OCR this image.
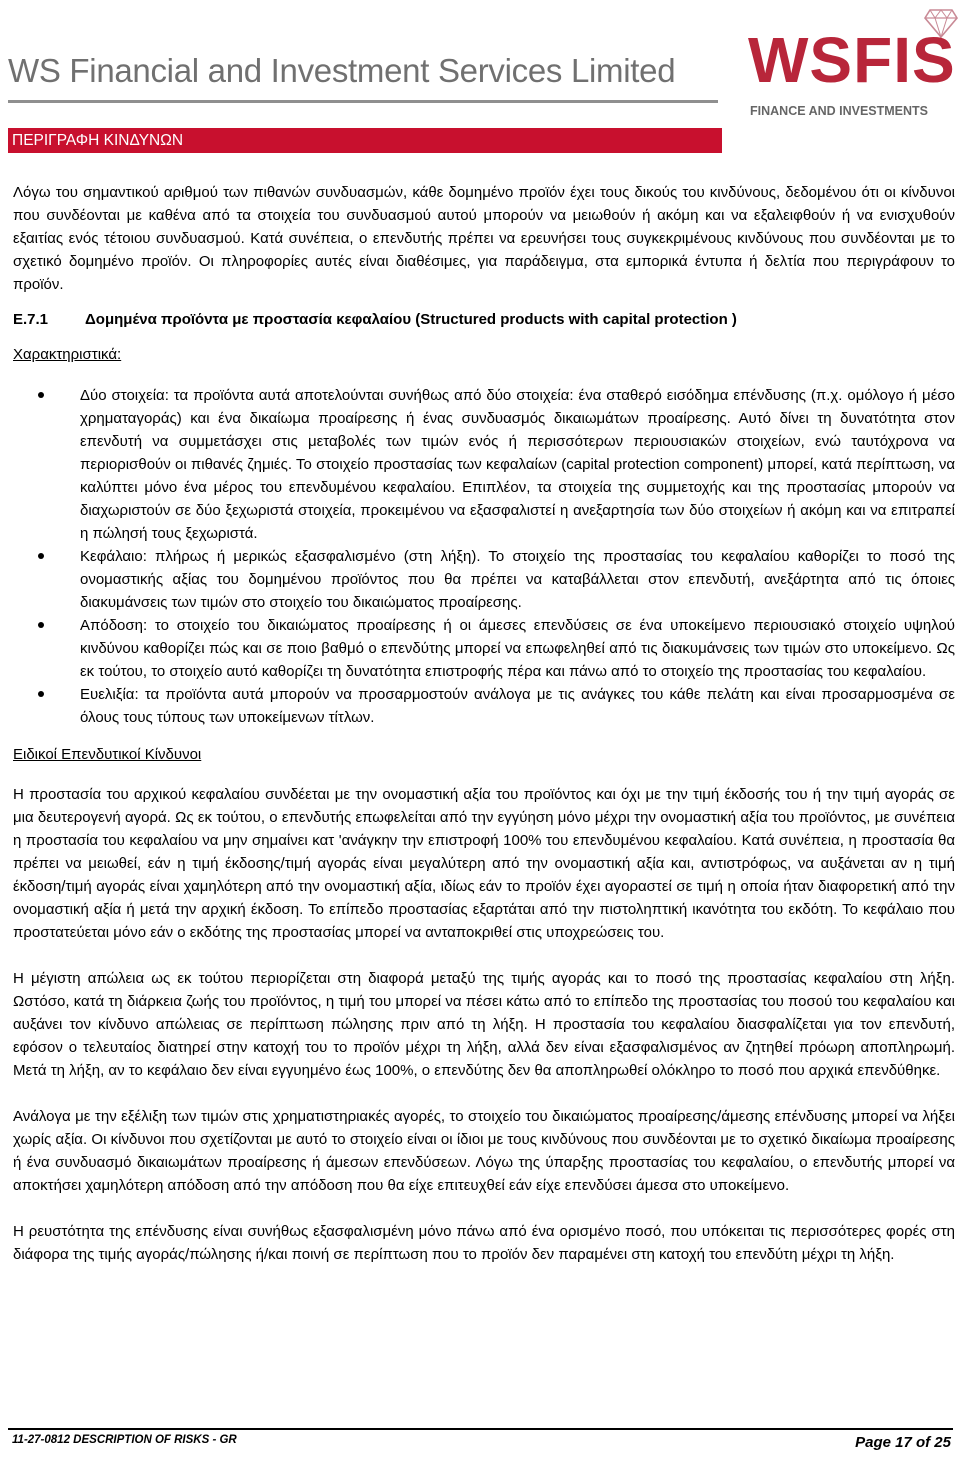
WS Financial and Investment Services Limited WSFIS
FINANCE AND INVESTMENTS
ΠΕΡΙΓΡΑΦΗ ΚΙΝΔΥΝΩΝ

Λόγω του σημαντικού αριθμού των πιθανών συνδυασμών, κάθε δομημένο προϊόν έχει τους δικούς του κινδύνους, δεδομένου ότι οι κίνδυνοι που συνδέονται με καθένα από τα στοιχεία του συνδυασμού αυτού μπορούν να μειωθούν ή ακόμη και να εξαλειφθούν ή να ενισχυθούν εξαιτίας ενός τέτοιου συνδυασμού. Κατά συνέπεια, ο επενδυτής πρέπει να ερευνήσει τους συγκεκριμένους κινδύνους που συνδέονται με το σχετικό δομημένο προϊόν. Οι πληροφορίες αυτές είναι διαθέσιμες, για παράδειγμα, στα εμπορικά έντυπα ή δελτία που περιγράφουν το προϊόν.

E.7.1	Δομημένα προϊόντα με προστασία κεφαλαίου (Structured products with capital protection )
Χαρακτηριστικά:
Δύο στοιχεία: τα προϊόντα αυτά αποτελούνται συνήθως από δύο στοιχεία: ένα σταθερό εισόδημα επένδυσης (π.χ. ομόλογο ή μέσο χρηματαγοράς) και ένα δικαίωμα προαίρεσης ή ένας συνδυασμός δικαιωμάτων προαίρεσης. Αυτό δίνει τη δυνατότητα στον επενδυτή να συμμετάσχει στις μεταβολές των τιμών ενός ή περισσότερων περιουσιακών στοιχείων, ενώ ταυτόχρονα να περιορισθούν οι πιθανές ζημιές. Το στοιχείο προστασίας των κεφαλαίων (capital protection component) μπορεί, κατά περίπτωση, να καλύπτει μόνο ένα μέρος του επενδυμένου κεφαλαίου. Επιπλέον, τα στοιχεία της συμμετοχής και της προστασίας μπορούν να διαχωριστούν σε δύο ξεχωριστά στοιχεία, προκειμένου να εξασφαλιστεί η ανεξαρτησία των δύο στοιχείων ή ακόμη και να επιτραπεί η πώλησή τους ξεχωριστά.
Κεφάλαιο: πλήρως ή μερικώς εξασφαλισμένο (στη λήξη). Το στοιχείο της προστασίας του κεφαλαίου καθορίζει το ποσό της ονομαστικής αξίας του δομημένου προϊόντος που θα πρέπει να καταβάλλεται στον επενδυτή, ανεξάρτητα από τις όποιες διακυμάνσεις των τιμών στο στοιχείο του δικαιώματος προαίρεσης.
Απόδοση: το στοιχείο του δικαιώματος προαίρεσης ή οι άμεσες επενδύσεις σε ένα υποκείμενο περιουσιακό στοιχείο υψηλού κινδύνου καθορίζει πώς και σε ποιο βαθμό ο επενδύτης μπορεί να επωφεληθεί από τις διακυμάνσεις των τιμών στο υποκείμενο. Ως εκ τούτου, το στοιχείο αυτό καθορίζει τη δυνατότητα επιστροφής πέρα και πάνω από το στοιχείο της προστασίας του κεφαλαίου.
Ευελιξία: τα προϊόντα αυτά μπορούν να προσαρμοστούν ανάλογα με τις ανάγκες του κάθε πελάτη και είναι προσαρμοσμένα σε όλους τους τύπους των υποκείμενων τίτλων.
Ειδικοί Επενδυτικοί Κίνδυνοι

Η προστασία του αρχικού κεφαλαίου συνδέεται με την ονομαστική αξία του προϊόντος και όχι με την τιμή έκδοσής του ή την τιμή αγοράς σε μια δευτερογενή αγορά. Ως εκ τούτου, ο επενδυτής επωφελείται από την εγγύηση μόνο μέχρι την ονομαστική αξία του προϊόντος, με συνέπεια η προστασία του κεφαλαίου να μην σημαίνει κατ 'ανάγκην την επιστροφή 100% του επενδυμένου κεφαλαίου. Κατά συνέπεια, η προστασία θα πρέπει να μειωθεί, εάν η τιμή έκδοσης/τιμή αγοράς είναι μεγαλύτερη από την ονομαστική αξία και, αντιστρόφως, να αυξάνεται αν η τιμή έκδοση/τιμή αγοράς είναι χαμηλότερη από την ονομαστική αξία, ιδίως εάν το προϊόν έχει αγοραστεί σε τιμή η οποία ήταν διαφορετική από την ονομαστική αξία ή μετά την αρχική έκδοση. Το επίπεδο προστασίας εξαρτάται από την πιστοληπτική ικανότητα του εκδότη. Το κεφάλαιο που προστατεύεται μόνο εάν ο εκδότης της προστασίας μπορεί να ανταποκριθεί στις υποχρεώσεις του.

Η μέγιστη απώλεια ως εκ τούτου περιορίζεται στη διαφορά μεταξύ της τιμής αγοράς και το ποσό της προστασίας κεφαλαίου στη λήξη. Ωστόσο, κατά τη διάρκεια ζωής του προϊόντος, η τιμή του μπορεί να πέσει κάτω από το επίπεδο της προστασίας του ποσού του κεφαλαίου και αυξάνει τον κίνδυνο απώλειας σε περίπτωση πώλησης πριν από τη λήξη. Η προστασία του κεφαλαίου διασφαλίζεται για τον επενδυτή, εφόσον ο τελευταίος διατηρεί στην κατοχή του το προϊόν μέχρι τη λήξη, αλλά δεν είναι εξασφαλισμένος αν ζητηθεί πρόωρη αποπληρωμή. Μετά τη λήξη, αν το κεφάλαιο δεν είναι εγγυημένο έως 100%, ο επενδύτης δεν θα αποπληρωθεί ολόκληρο το ποσό που αρχικά επενδύθηκε.

Ανάλογα με την εξέλιξη των τιμών στις χρηματιστηριακές αγορές, το στοιχείο του δικαιώματος προαίρεσης/άμεσης επένδυσης μπορεί να λήξει χωρίς αξία. Οι κίνδυνοι που σχετίζονται με αυτό το στοιχείο είναι οι ίδιοι με τους κινδύνους που συνδέονται με το σχετικό δικαίωμα προαίρεσης ή ένα συνδυασμό δικαιωμάτων προαίρεσης ή άμεσων επενδύσεων. Λόγω της ύπαρξης προστασίας του κεφαλαίου, ο επενδυτής μπορεί να αποκτήσει χαμηλότερη απόδοση από την απόδοση που θα είχε επιτευχθεί εάν είχε επενδύσει άμεσα στο υποκείμενο.

Η ρευστότητα της επένδυσης είναι συνήθως εξασφαλισμένη μόνο πάνω από ένα ορισμένο ποσό, που υπόκειται τις περισσότερες φορές στη διάφορα της τιμής αγοράς/πώλησης ή/και ποινή σε περίπτωση που το προϊόν δεν παραμένει στη κατοχή του επενδύτη μέχρι τη λήξη.

11-27-0812 DESCRIPTION OF RISKS - GR	Page 17 of 25
